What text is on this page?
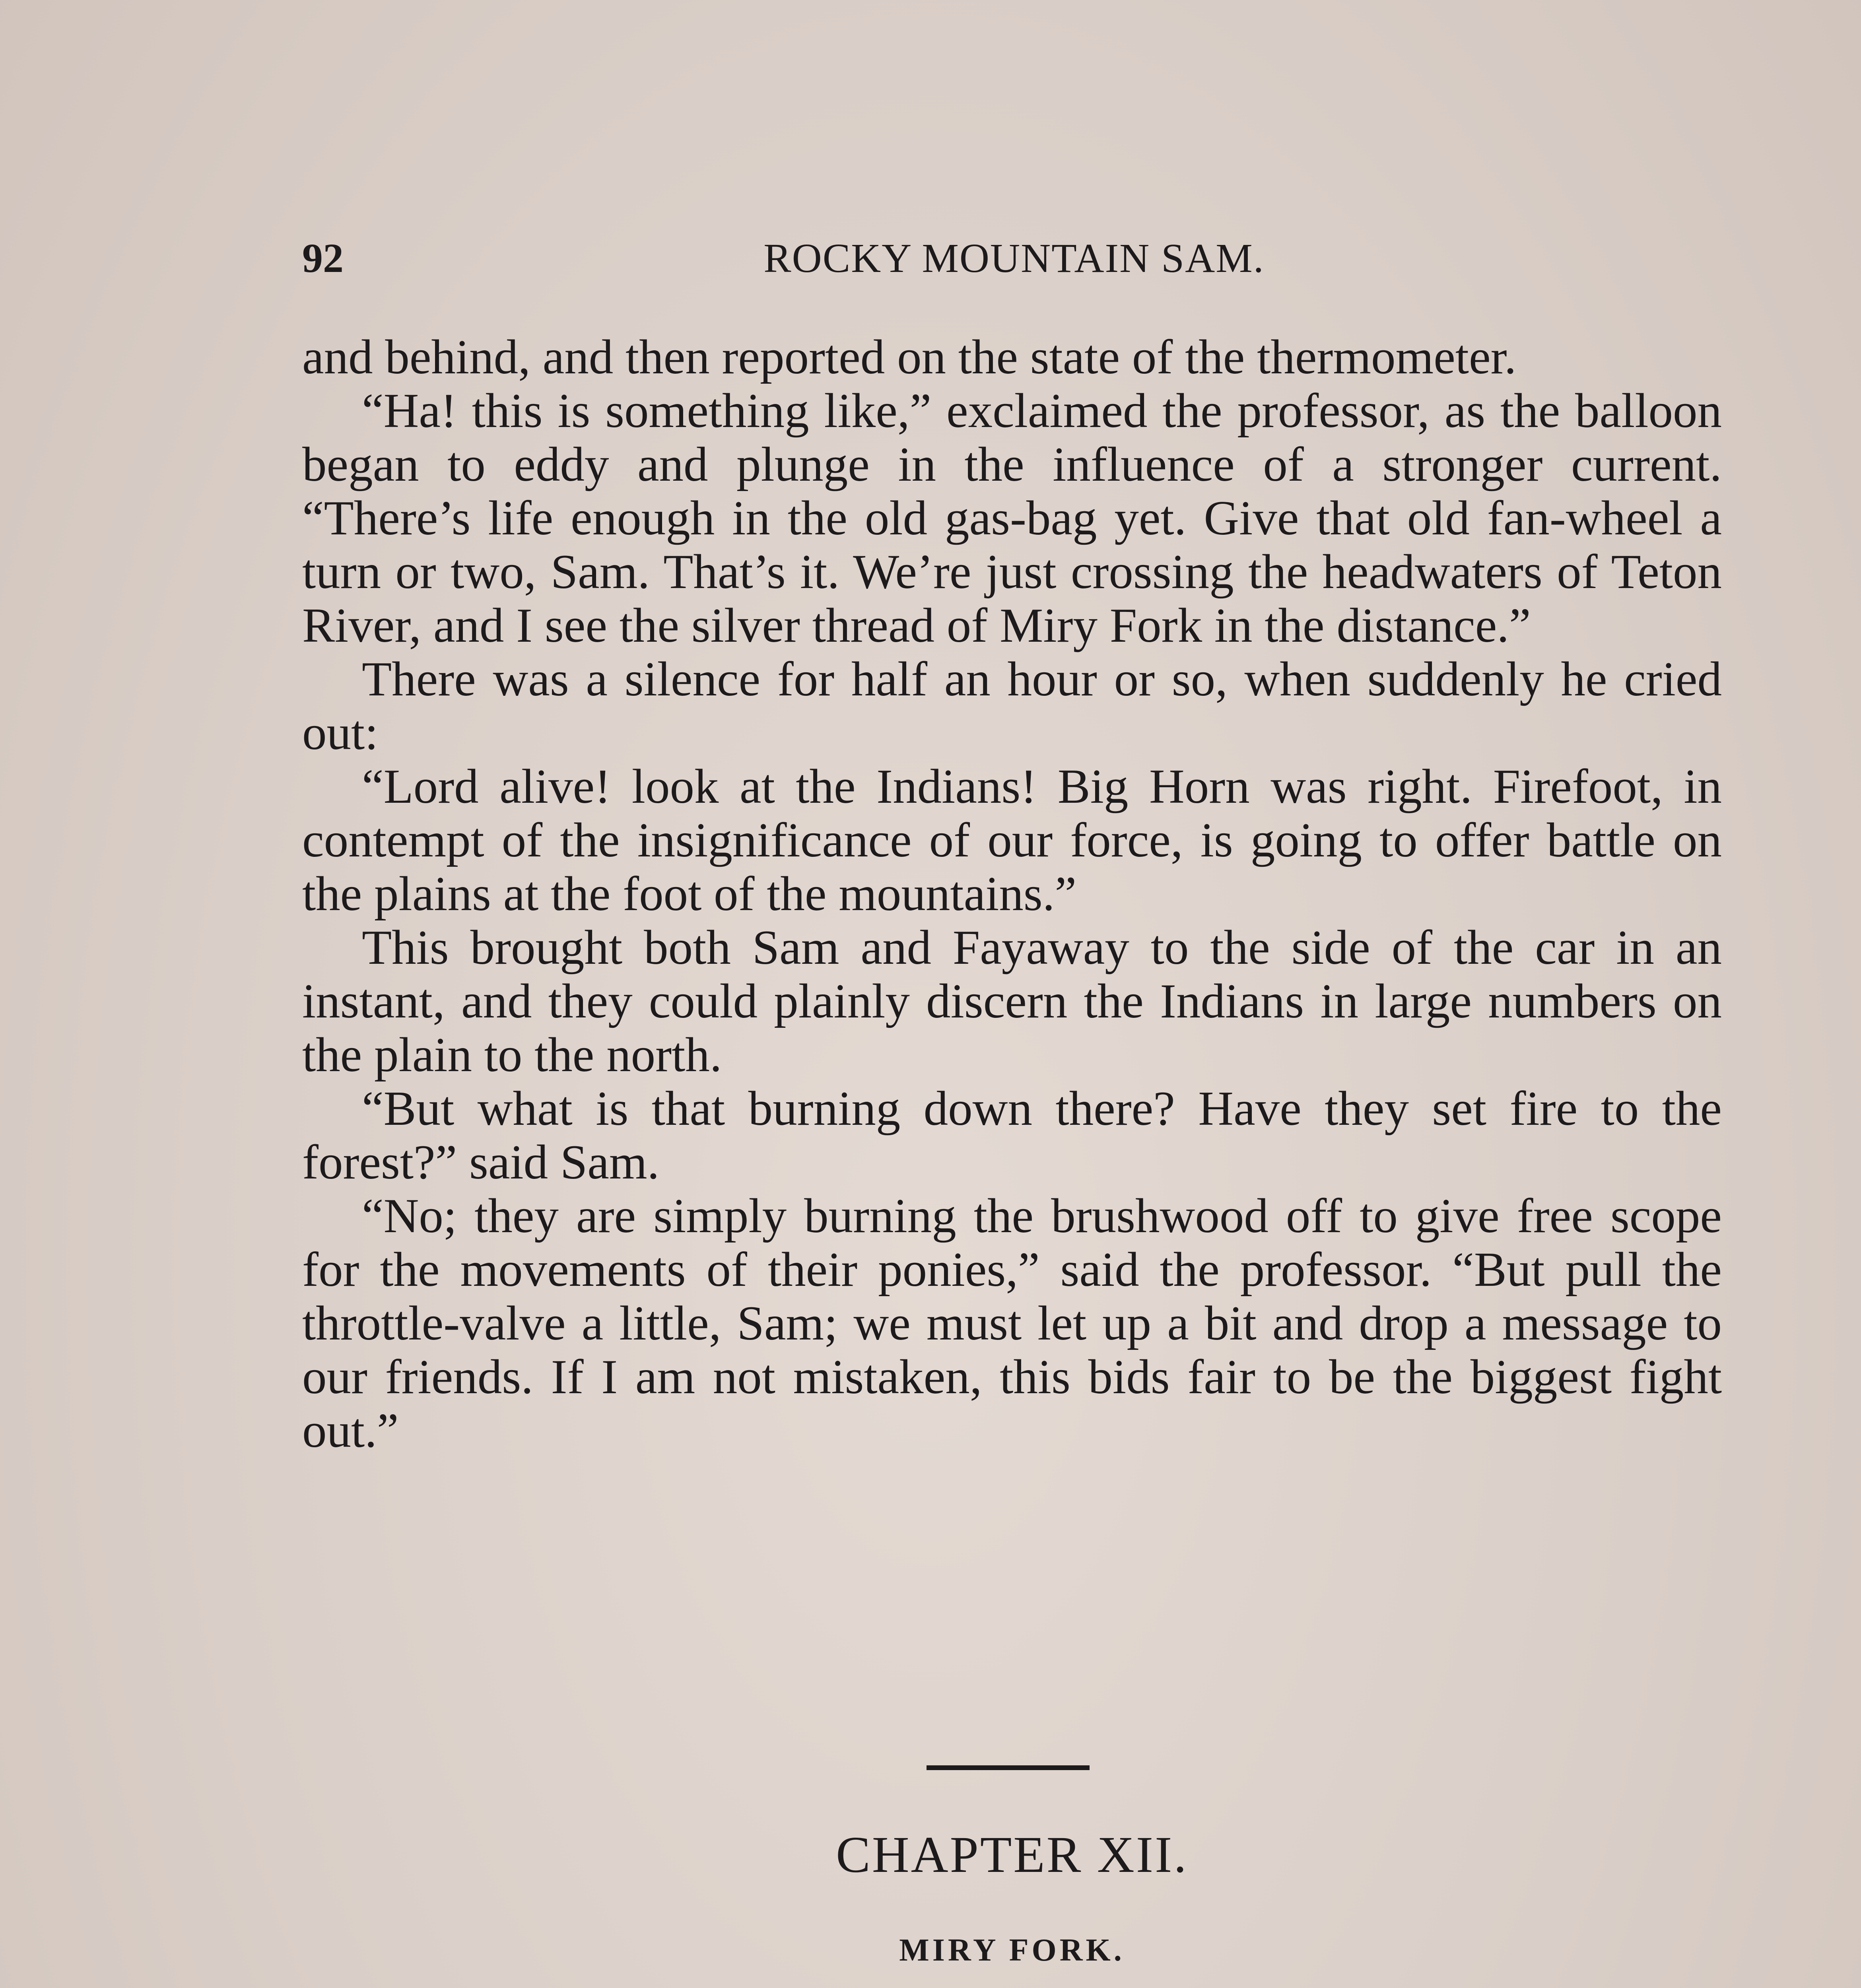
92	ROCKY MOUNTAIN SAM.

and behind, and then reported on the state of the thermometer.

“Ha! this is something like,” exclaimed the professor, as the balloon began to eddy and plunge in the influence of a stronger current. “There’s life enough in the old gas-bag yet. Give that old fan-wheel a turn or two, Sam. That’s it. We’re just crossing the headwaters of Teton River, and I see the silver thread of Miry Fork in the distance.”

There was a silence for half an hour or so, when suddenly he cried out:

“Lord alive! look at the Indians! Big Horn was right. Firefoot, in contempt of the insignificance of our force, is going to offer battle on the plains at the foot of the mountains.”

This brought both Sam and Fayaway to the side of the car in an instant, and they could plainly discern the Indians in large numbers on the plain to the north.

“But what is that burning down there? Have they set fire to the forest?” said Sam.

“No; they are simply burning the brushwood off to give free scope for the movements of their ponies,” said the professor. “But pull the throttle-valve a little, Sam; we must let up a bit and drop a message to our friends. If I am not mistaken, this bids fair to be the biggest fight out.”

CHAPTER XII.
MIRY FORK.
